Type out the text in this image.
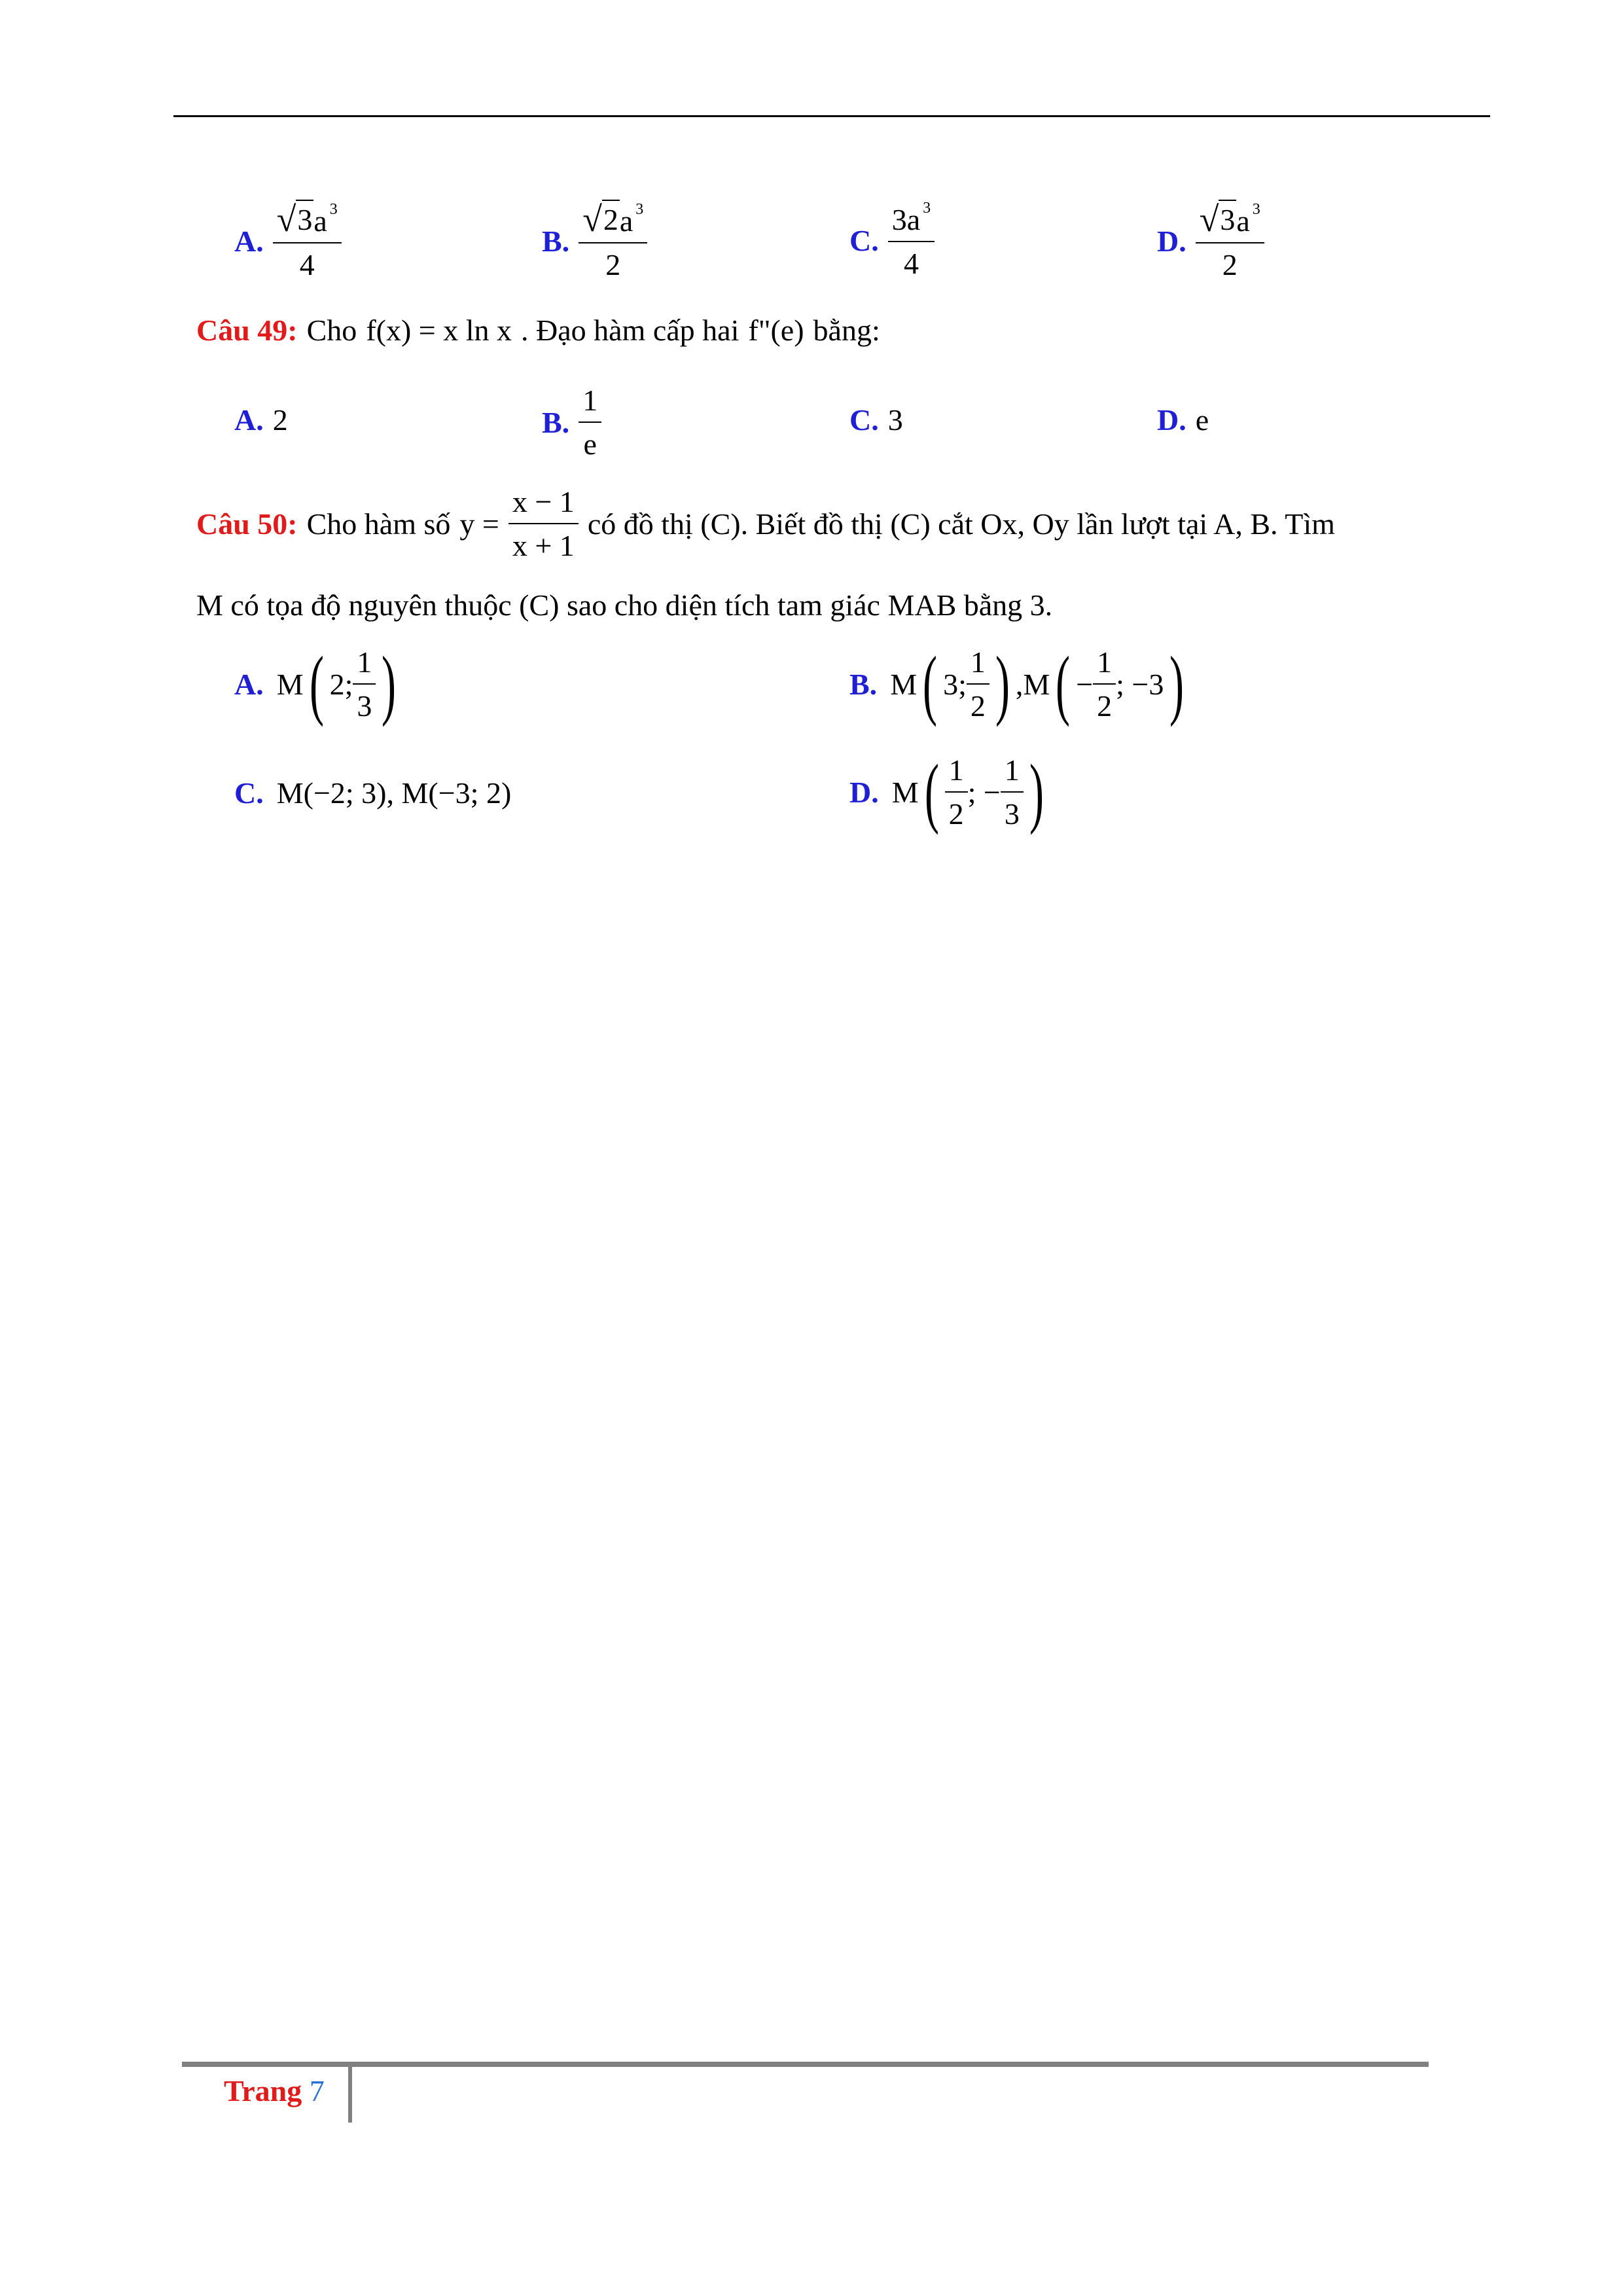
A. $\frac{√ 3 a ^3}{4}$	B. $\frac{√ 2 a ^3}{2}$	C. $\frac{3a ^3}{4}$	D. $\frac{√ 3 a ^3}{2}$
Câu 49: Cho f(x) = x ln x . Đạo hàm cấp hai f"(e) bằng:
A. 2	B. $\frac{1}{e}$	C. 3	D. e
Câu 50: Cho hàm số $y = \frac{x - 1}{x + 1}$ có đồ thị (C). Biết đồ thị (C) cắt Ox, Oy lần lượt tại A, B. Tìm
M có tọa độ nguyên thuộc (C) sao cho diện tích tam giác MAB bằng 3.
A. M ( 2; $\frac{1}{3}$ )	B. M ( 3; $\frac{1}{2}$ ) ,M ( − $\frac{1}{2}$ ; −3 )
C. M(−2; 3), M(−3; 2)	D. M ( $\frac{1}{2}$ ; − $\frac{1}{3}$ )
Trang 7
